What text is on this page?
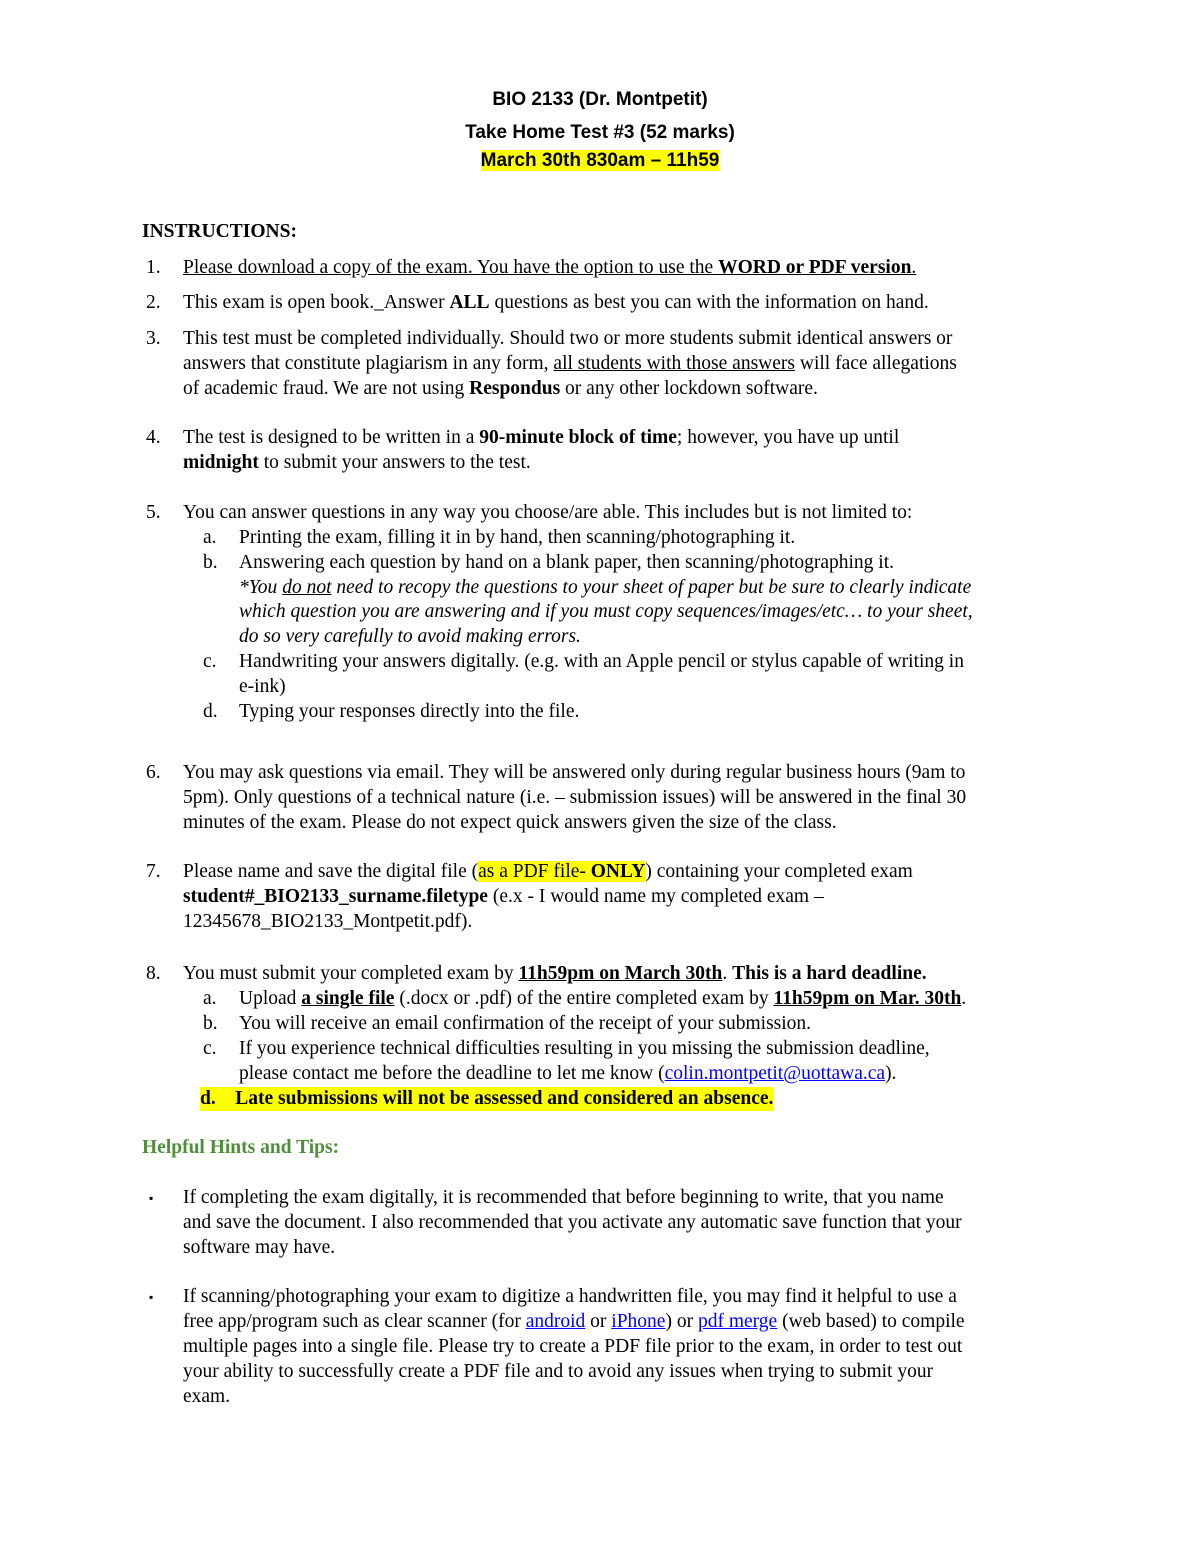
BIO 2133 (Dr. Montpetit)
Take Home Test #3 (52 marks)
March 30th 830am – 11h59
INSTRUCTIONS:
1. Please download a copy of the exam. You have the option to use the WORD or PDF version.
2. This exam is open book._Answer ALL questions as best you can with the information on hand.
3. This test must be completed individually. Should two or more students submit identical answers or
answers that constitute plagiarism in any form, all students with those answers will face allegations
of academic fraud. We are not using Respondus or any other lockdown software.
4. The test is designed to be written in a 90-minute block of time; however, you have up until
midnight to submit your answers to the test.
5. You can answer questions in any way you choose/are able. This includes but is not limited to:
a. Printing the exam, filling it in by hand, then scanning/photographing it.
b. Answering each question by hand on a blank paper, then scanning/photographing it.
*You do not need to recopy the questions to your sheet of paper but be sure to clearly indicate
which question you are answering and if you must copy sequences/images/etc… to your sheet,
do so very carefully to avoid making errors.
c. Handwriting your answers digitally. (e.g. with an Apple pencil or stylus capable of writing in
e-ink)
d. Typing your responses directly into the file.
6. You may ask questions via email. They will be answered only during regular business hours (9am to
5pm). Only questions of a technical nature (i.e. – submission issues) will be answered in the final 30
minutes of the exam. Please do not expect quick answers given the size of the class.
7. Please name and save the digital file (as a PDF file- ONLY) containing your completed exam
student#_BIO2133_surname.filetype (e.x - I would name my completed exam –
12345678_BIO2133_Montpetit.pdf).
8. You must submit your completed exam by 11h59pm on March 30th. This is a hard deadline.
a. Upload a single file (.docx or .pdf) of the entire completed exam by 11h59pm on Mar. 30th.
b. You will receive an email confirmation of the receipt of your submission.
c. If you experience technical difficulties resulting in you missing the submission deadline,
please contact me before the deadline to let me know (colin.montpetit@uottawa.ca).
d. Late submissions will not be assessed and considered an absence.
Helpful Hints and Tips:
▪ If completing the exam digitally, it is recommended that before beginning to write, that you name
and save the document. I also recommended that you activate any automatic save function that your
software may have.
▪ If scanning/photographing your exam to digitize a handwritten file, you may find it helpful to use a
free app/program such as clear scanner (for android or iPhone) or pdf merge (web based) to compile
multiple pages into a single file. Please try to create a PDF file prior to the exam, in order to test out
your ability to successfully create a PDF file and to avoid any issues when trying to submit your
exam.
